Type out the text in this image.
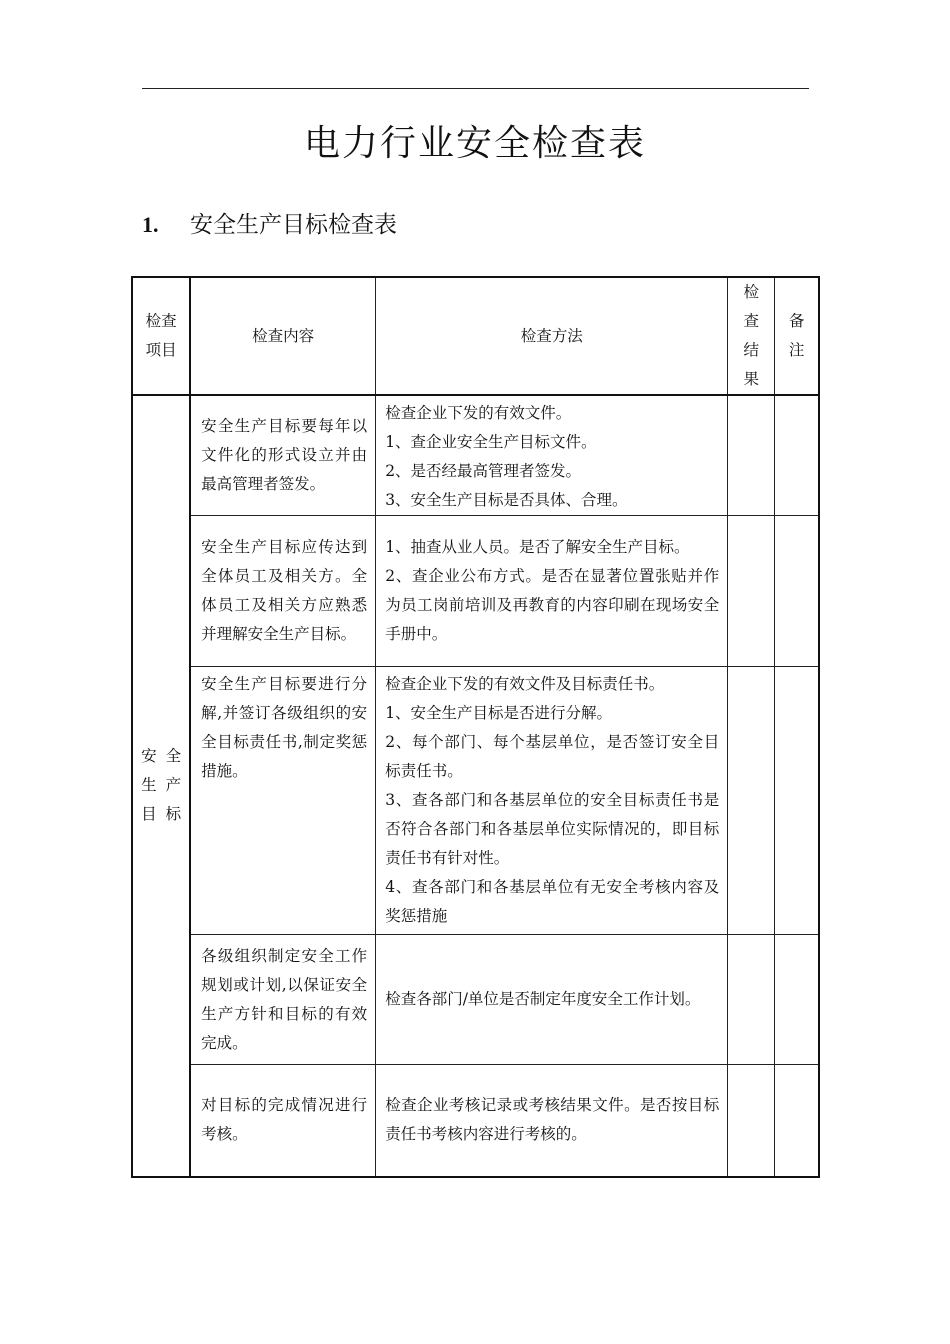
电力行业安全检查表
1. 安全生产目标检查表
检查项目	检查内容	检查方法	检查结果	备注
安全生产目标	安全生产目标要每年以文件化的形式设立并由最高管理者签发。	检查企业下发的有效文件。
1、查企业安全生产目标文件。
2、是否经最高管理者签发。
3、安全生产目标是否具体、合理。		

	安全生产目标应传达到全体员工及相关方。全体员工及相关方应熟悉并理解安全生产目标。	1、抽查从业人员。是否了解安全生产目标。
2、查企业公布方式。是否在显著位置张贴并作为员工岗前培训及再教育的内容印刷在现场安全手册中。		

	安全生产目标要进行分解,并签订各级组织的安全目标责任书,制定奖惩措施。	检查企业下发的有效文件及目标责任书。
1、安全生产目标是否进行分解。
2、每个部门、每个基层单位，是否签订安全目标责任书。
3、查各部门和各基层单位的安全目标责任书是否符合各部门和各基层单位实际情况的，即目标责任书有针对性。
4、查各部门和各基层单位有无安全考核内容及奖惩措施		

	各级组织制定安全工作规划或计划,以保证安全生产方针和目标的有效完成。	检查各部门/单位是否制定年度安全工作计划。		

	对目标的完成情况进行考核。	检查企业考核记录或考核结果文件。是否按目标责任书考核内容进行考核的。		
